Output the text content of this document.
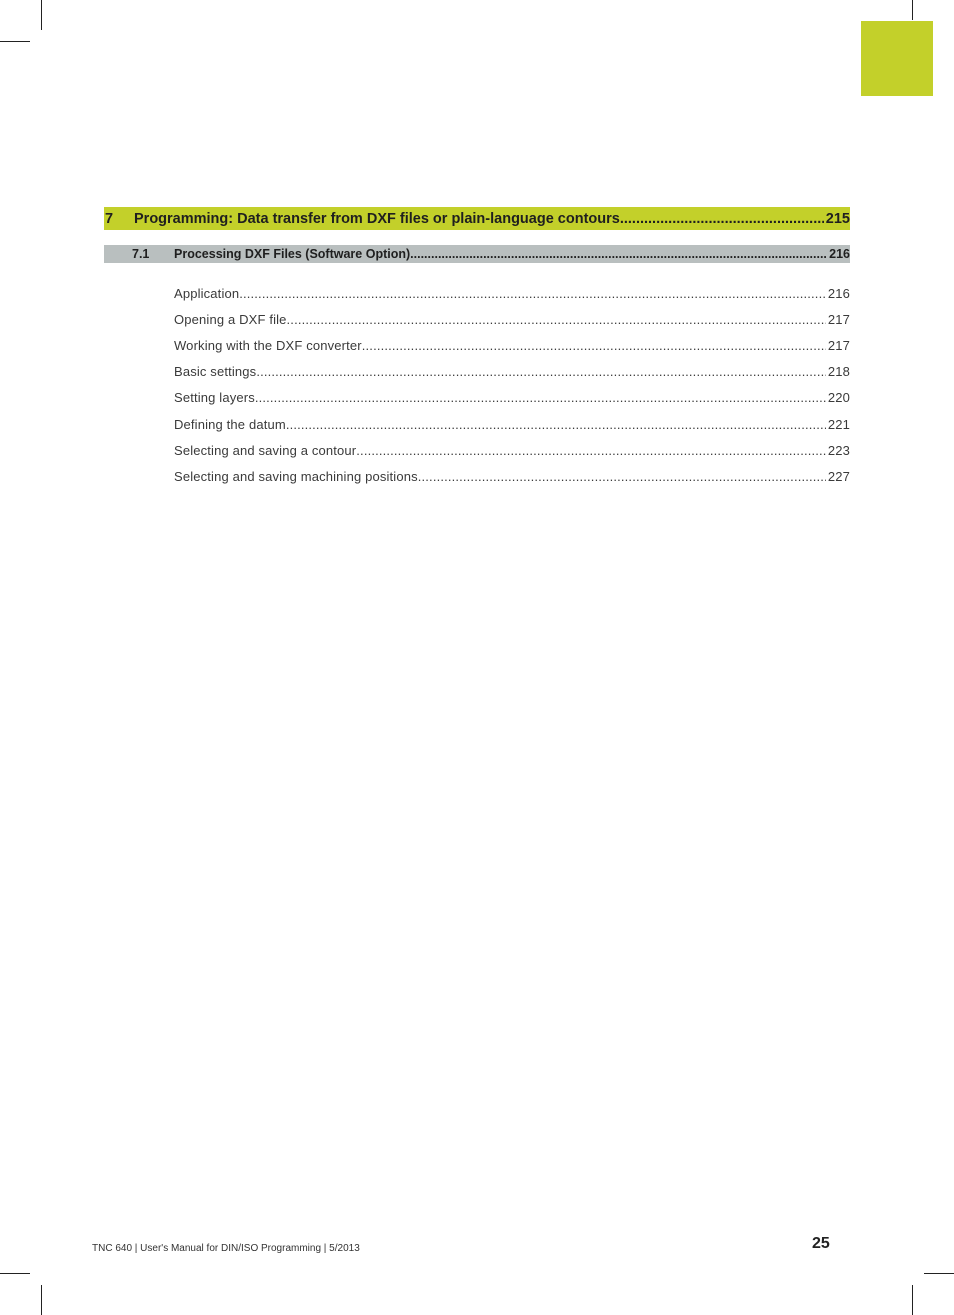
7	Programming: Data transfer from DXF files or plain-language contours .....	215
7.1	Processing DXF Files (Software Option) .....	216
Application .....	216
Opening a DXF file .....	217
Working with the DXF converter .....	217
Basic settings .....	218
Setting layers .....	220
Defining the datum .....	221
Selecting and saving a contour .....	223
Selecting and saving machining positions .....	227
TNC 640 | User's Manual for DIN/ISO Programming | 5/2013	25
